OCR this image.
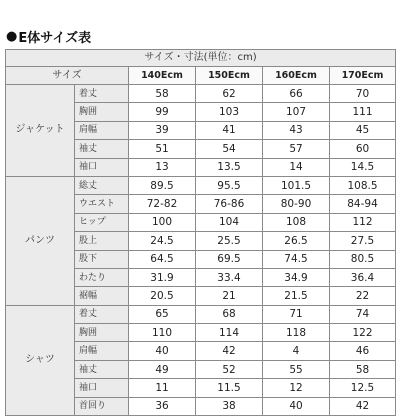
● E体サイズ表
サイズ・寸法(単位：cm)					
サイズ		140Ecm	150Ecm	160Ecm	170Ecm
ジャケット	着丈	58	62	66	70
	胸囲	99	103	107	111
	肩幅	39	41	43	45
	袖丈	51	54	57	60
	袖口	13	13.5	14	14.5
パンツ	総丈	89.5	95.5	101.5	108.5
	ウエスト	72-82	76-86	80-90	84-94
	ヒップ	100	104	108	112
	股上	24.5	25.5	26.5	27.5
	股下	64.5	69.5	74.5	80.5
	わたり	31.9	33.4	34.9	36.4
	裾幅	20.5	21	21.5	22
シャツ	着丈	65	68	71	74
	胸囲	110	114	118	122
	肩幅	40	42	4	46
	袖丈	49	52	55	58
	袖口	11	11.5	12	12.5
	首回り	36	38	40	42
